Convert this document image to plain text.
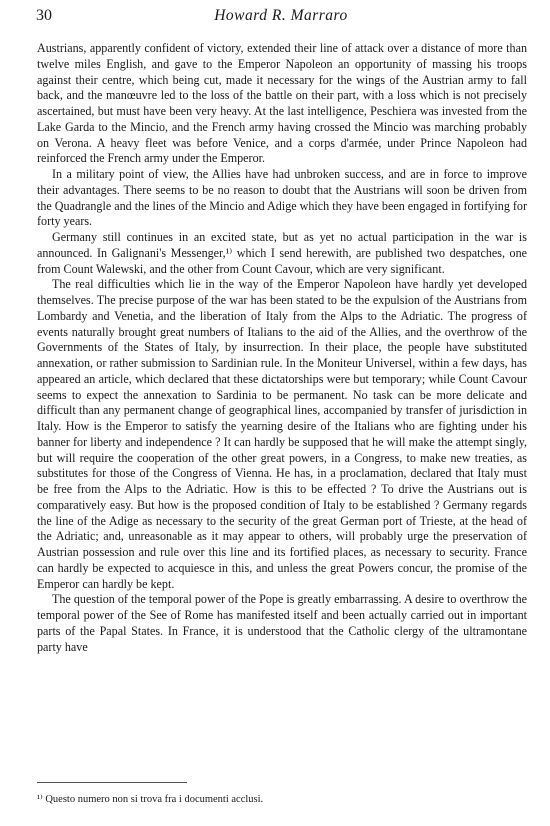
30	Howard R. Marraro

Austrians, apparently confident of victory, extended their line of attack over a distance of more than twelve miles English, and gave to the Emperor Napoleon an opportunity of massing his troops against their centre, which being cut, made it necessary for the wings of the Austrian army to fall back, and the manœuvre led to the loss of the battle on their part, with a loss which is not precisely ascertained, but must have been very heavy. At the last intelligence, Peschiera was invested from the Lake Garda to the Mincio, and the French army having crossed the Mincio was marching probably on Verona. A heavy fleet was before Venice, and a corps d'armée, under Prince Napoleon had reinforced the French army under the Emperor.

In a military point of view, the Allies have had unbroken success, and are in force to improve their advantages. There seems to be no reason to doubt that the Austrians will soon be driven from the Quadrangle and the lines of the Mincio and Adige which they have been engaged in fortifying for forty years.

Germany still continues in an excited state, but as yet no actual participation in the war is announced. In Galignani's Messenger,¹⁾ which I send herewith, are published two despatches, one from Count Walewski, and the other from Count Cavour, which are very significant.

The real difficulties which lie in the way of the Emperor Napoleon have hardly yet developed themselves. The precise purpose of the war has been stated to be the expulsion of the Austrians from Lombardy and Venetia, and the liberation of Italy from the Alps to the Adriatic. The progress of events naturally brought great numbers of Italians to the aid of the Allies, and the overthrow of the Governments of the States of Italy, by insurrection. In their place, the people have substituted annexation, or rather submission to Sardinian rule. In the Moniteur Universel, within a few days, has appeared an article, which declared that these dictatorships were but temporary; while Count Cavour seems to expect the annexation to Sardinia to be permanent. No task can be more delicate and difficult than any permanent change of geographical lines, accompanied by transfer of jurisdiction in Italy. How is the Emperor to satisfy the yearning desire of the Italians who are fighting under his banner for liberty and independence ? It can hardly be supposed that he will make the attempt singly, but will require the cooperation of the other great powers, in a Congress, to make new treaties, as substitutes for those of the Congress of Vienna. He has, in a proclamation, declared that Italy must be free from the Alps to the Adriatic. How is this to be effected ? To drive the Austrians out is comparatively easy. But how is the proposed condition of Italy to be established ? Germany regards the line of the Adige as necessary to the security of the great German port of Trieste, at the head of the Adriatic; and, unreasonable as it may appear to others, will probably urge the preservation of Austrian possession and rule over this line and its fortified places, as necessary to security. France can hardly be expected to acquiesce in this, and unless the great Powers concur, the promise of the Emperor can hardly be kept.

The question of the temporal power of the Pope is greatly embarrassing. A desire to overthrow the temporal power of the See of Rome has manifested itself and been actually carried out in important parts of the Papal States. In France, it is understood that the Catholic clergy of the ultramontane party have

¹⁾ Questo numero non si trova fra i documenti acclusi.
